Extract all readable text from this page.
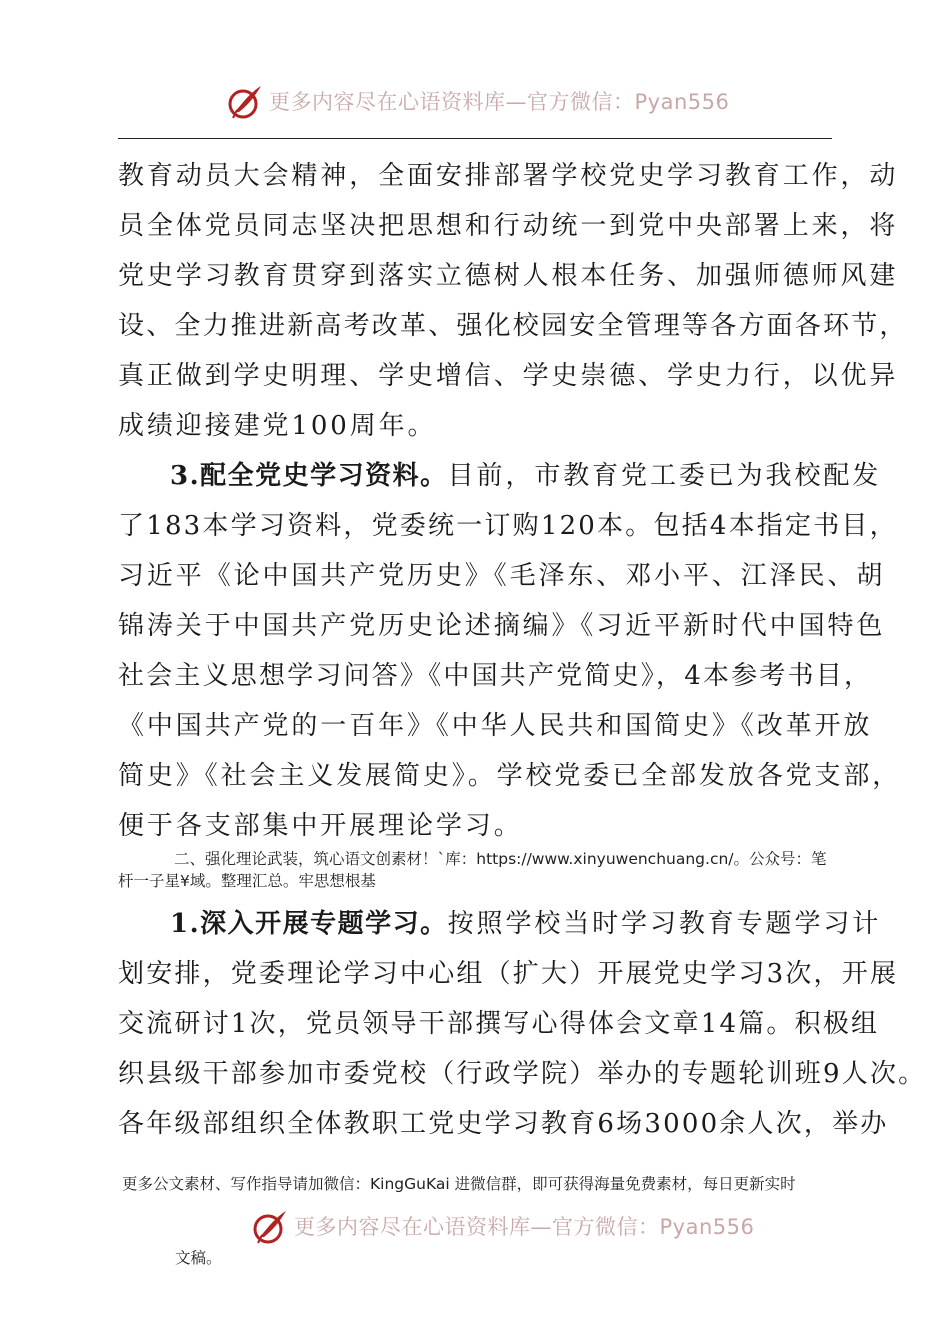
更多内容尽在心语资料库—官方微信：Pyan556
教育动员大会精神，全面安排部署学校党史学习教育工作，动
员全体党员同志坚决把思想和行动统一到党中央部署上来，将
党史学习教育贯穿到落实立德树人根本任务、加强师德师风建
设、全力推进新高考改革、强化校园安全管理等各方面各环节，
真正做到学史明理、学史增信、学史崇德、学史力行，以优异
成绩迎接建党100周年。
3.配全党史学习资料。目前，市教育党工委已为我校配发
了183本学习资料，党委统一订购120本。包括4本指定书目，
习近平《论中国共产党历史》《毛泽东、邓小平、江泽民、胡
锦涛关于中国共产党历史论述摘编》《习近平新时代中国特色
社会主义思想学习问答》《中国共产党简史》，4本参考书目，
《中国共产党的一百年》《中华人民共和国简史》《改革开放
简史》《社会主义发展简史》。学校党委已全部发放各党支部，
便于各支部集中开展理论学习。
二、强化理论武装，筑心语文创素材！`库：https://www.xinyuwenchuang.cn/。公众号：笔
杆一子星¥域。整理汇总。牢思想根基
1.深入开展专题学习。按照学校当时学习教育专题学习计
划安排，党委理论学习中心组（扩大）开展党史学习3次，开展
交流研讨1次，党员领导干部撰写心得体会文章14篇。积极组
织县级干部参加市委党校（行政学院）举办的专题轮训班9人次。
各年级部组织全体教职工党史学习教育6场3000余人次，举办
更多公文素材、写作指导请加微信：KingGuKai 进微信群，即可获得海量免费素材，每日更新实时
更多内容尽在心语资料库—官方微信：Pyan556
文稿。
